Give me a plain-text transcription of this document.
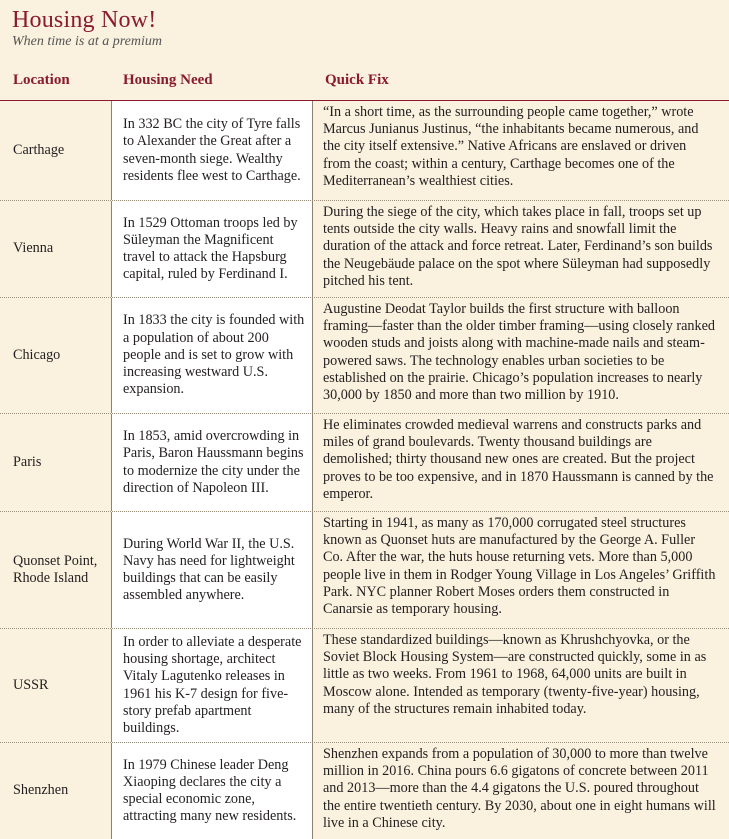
Housing Now!
When time is at a premium
Location	Housing Need	Quick Fix
Carthage
In 332 BC the city of Tyre falls to Alexander the Great after a seven-month siege. Wealthy residents flee west to Carthage.
“In a short time, as the surrounding people came together,” wrote Marcus Junianus Justinus, “the inhabitants became numerous, and the city itself extensive.” Native Africans are enslaved or driven from the coast; within a century, Carthage becomes one of the Mediterranean’s wealthiest cities.
Vienna
In 1529 Ottoman troops led by Süleyman the Magnificent travel to attack the Hapsburg capital, ruled by Ferdinand I.
During the siege of the city, which takes place in fall, troops set up tents outside the city walls. Heavy rains and snowfall limit the duration of the attack and force retreat. Later, Ferdinand’s son builds the Neugebäude palace on the spot where Süleyman had supposedly pitched his tent.
Chicago
In 1833 the city is founded with a population of about 200 people and is set to grow with increasing westward U.S. expansion.
Augustine Deodat Taylor builds the first structure with balloon framing—faster than the older timber framing—using closely ranked wooden studs and joists along with machine-made nails and steam-powered saws. The technology enables urban societies to be established on the prairie. Chicago’s population increases to nearly 30,000 by 1850 and more than two million by 1910.
Paris
In 1853, amid overcrowding in Paris, Baron Haussmann begins to modernize the city under the direction of Napoleon III.
He eliminates crowded medieval warrens and constructs parks and miles of grand boulevards. Twenty thousand buildings are demolished; thirty thousand new ones are created. But the project proves to be too expensive, and in 1870 Haussmann is canned by the emperor.
Quonset Point, Rhode Island
During World War II, the U.S. Navy has need for lightweight buildings that can be easily assembled anywhere.
Starting in 1941, as many as 170,000 corrugated steel structures known as Quonset huts are manufactured by the George A. Fuller Co. After the war, the huts house returning vets. More than 5,000 people live in them in Rodger Young Village in Los Angeles’ Griffith Park. NYC planner Robert Moses orders them constructed in Canarsie as temporary housing.
USSR
In order to alleviate a desperate housing shortage, architect Vitaly Lagutenko releases in 1961 his K-7 design for five-story prefab apartment buildings.
These standardized buildings—known as Khrushchyovka, or the Soviet Block Housing System—are constructed quickly, some in as little as two weeks. From 1961 to 1968, 64,000 units are built in Moscow alone. Intended as temporary (twenty-five-year) housing, many of the structures remain inhabited today.
Shenzhen
In 1979 Chinese leader Deng Xiaoping declares the city a special economic zone, attracting many new residents.
Shenzhen expands from a population of 30,000 to more than twelve million in 2016. China pours 6.6 gigatons of concrete between 2011 and 2013—more than the 4.4 gigatons the U.S. poured throughout the entire twentieth century. By 2030, about one in eight humans will live in a Chinese city.
